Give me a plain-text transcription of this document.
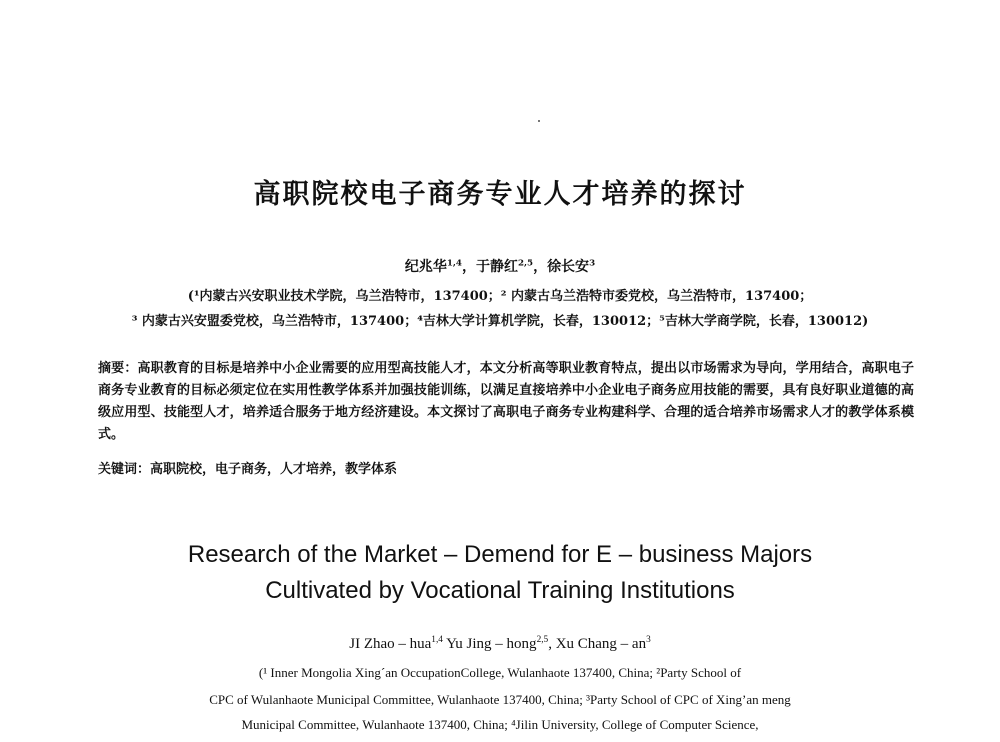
高职院校电子商务专业人才培养的探讨
纪兆华$^{1,4}$，于静红$^{2,5}$，徐长安$^3$
(¹内蒙古兴安职业技术学院，乌兰浩特市，137400；² 内蒙古乌兰浩特市委党校，乌兰浩特市，137400；
³ 内蒙古兴安盟委党校，乌兰浩特市，137400；⁴吉林大学计算机学院，长春，130012；⁵吉林大学商学院，长春，130012)
摘要：高职教育的目标是培养中小企业需要的应用型高技能人才，本文分析高等职业教育特点，提出以市场需求为导向，学用结合，高职电子商务专业教育的目标必须定位在实用性教学体系并加强技能训练，以满足直接培养中小企业电子商务应用技能的需要，具有良好职业道德的高级应用型、技能型人才，培养适合服务于地方经济建设。本文探讨了高职电子商务专业构建科学、合理的适合培养市场需求人才的教学体系模式。
关键词：高职院校，电子商务，人才培养，教学体系
Research of the Market – Demend for E – business Majors
Cultivated by Vocational Training Institutions
JI Zhao – hua$^{1,4}$ Yu Jing – hong$^{2,5}$, Xu Chang – $an^3$
(¹ Inner Mongolia Xing´an OccupationCollege, Wulanhaote 137400, China; ²Party School of
CPC of Wulanhaote Municipal Committee, Wulanhaote 137400, China; ³Party School of CPC of Xing’an meng
Municipal Committee, Wulanhaote 137400, China; ⁴Jilin University, College of Computer Science,
